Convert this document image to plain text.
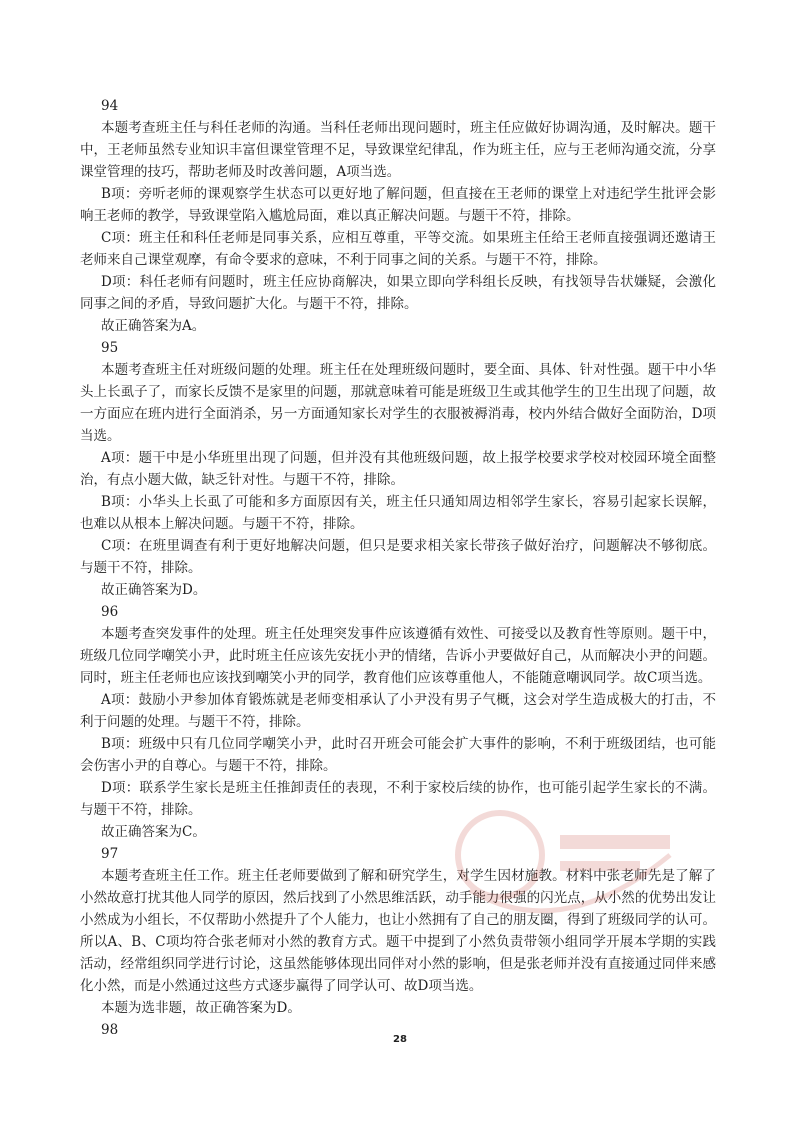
94

本题考查班主任与科任老师的沟通。当科任老师出现问题时，班主任应做好协调沟通，及时解决。题干中，王老师虽然专业知识丰富但课堂管理不足，导致课堂纪律乱，作为班主任，应与王老师沟通交流，分享课堂管理的技巧，帮助老师及时改善问题，A项当选。

B项：旁听老师的课观察学生状态可以更好地了解问题，但直接在王老师的课堂上对违纪学生批评会影响王老师的教学，导致课堂陷入尴尬局面，难以真正解决问题。与题干不符，排除。

C项：班主任和科任老师是同事关系，应相互尊重，平等交流。如果班主任给王老师直接强调还邀请王老师来自己课堂观摩，有命令要求的意味，不利于同事之间的关系。与题干不符，排除。

D项：科任老师有问题时，班主任应协商解决，如果立即向学科组长反映，有找领导告状嫌疑，会激化同事之间的矛盾，导致问题扩大化。与题干不符，排除。

故正确答案为A。

95

本题考查班主任对班级问题的处理。班主任在处理班级问题时，要全面、具体、针对性强。题干中小华头上长虱子了，而家长反馈不是家里的问题，那就意味着可能是班级卫生或其他学生的卫生出现了问题，故一方面应在班内进行全面消杀，另一方面通知家长对学生的衣服被褥消毒，校内外结合做好全面防治，D项当选。

A项：题干中是小华班里出现了问题，但并没有其他班级问题，故上报学校要求学校对校园环境全面整治，有点小题大做，缺乏针对性。与题干不符，排除。

B项：小华头上长虱了可能和多方面原因有关，班主任只通知周边相邻学生家长，容易引起家长误解，也难以从根本上解决问题。与题干不符，排除。

C项：在班里调查有利于更好地解决问题，但只是要求相关家长带孩子做好治疗，问题解决不够彻底。与题干不符，排除。

故正确答案为D。

96

本题考查突发事件的处理。班主任处理突发事件应该遵循有效性、可接受以及教育性等原则。题干中，班级几位同学嘲笑小尹，此时班主任应该先安抚小尹的情绪，告诉小尹要做好自己，从而解决小尹的问题。同时，班主任老师也应该找到嘲笑小尹的同学，教育他们应该尊重他人，不能随意嘲讽同学。故C项当选。

A项：鼓励小尹参加体育锻炼就是老师变相承认了小尹没有男子气概，这会对学生造成极大的打击，不利于问题的处理。与题干不符，排除。

B项：班级中只有几位同学嘲笑小尹，此时召开班会可能会扩大事件的影响，不利于班级团结，也可能会伤害小尹的自尊心。与题干不符，排除。

D项：联系学生家长是班主任推卸责任的表现，不利于家校后续的协作，也可能引起学生家长的不满。与题干不符，排除。

故正确答案为C。

97

本题考查班主任工作。班主任老师要做到了解和研究学生，对学生因材施教。材料中张老师先是了解了小然故意打扰其他人同学的原因，然后找到了小然思维活跃，动手能力很强的闪光点，从小然的优势出发让小然成为小组长，不仅帮助小然提升了个人能力，也让小然拥有了自己的朋友圈，得到了班级同学的认可。所以A、B、C项均符合张老师对小然的教育方式。题干中提到了小然负责带领小组同学开展本学期的实践活动，经常组织同学进行讨论，这虽然能够体现出同伴对小然的影响，但是张老师并没有直接通过同伴来感化小然，而是小然通过这些方式逐步赢得了同学认可、故D项当选。

本题为选非题，故正确答案为D。

98

28
